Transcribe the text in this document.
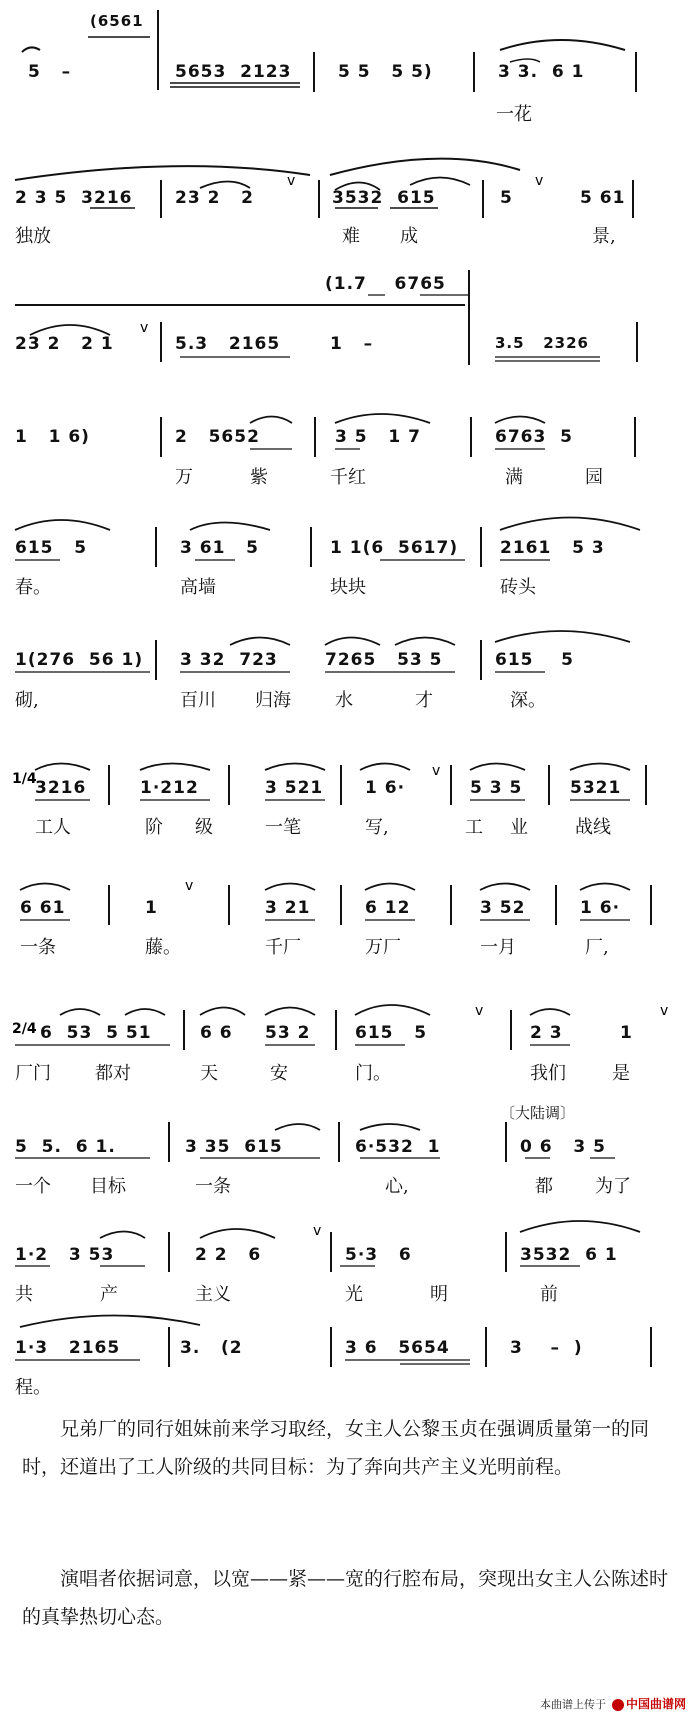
(6561
5   –	5653  2123	5 5   5 5)	3 3.  6 1
一花
v	v
2 3 5  3216	23 2   2	3532  615	5	5 61
独放	难 成	景,
v
(1.7    6765
23 2   2 1	5.3   2165	1   –	3.5   2326
1   1 6)	2   5652	3 5   1 7	6763  5
万	紫	千红	满	园
615   5	3 61   5	1 1(6  5617) 2161   5 3
春。	高墙	块块	砖头
1(276  56 1) 3 32  723	7265   53 5	615    5
砌,	百川 归海 水	才	深。
v
1/4
3216	1·212	3 521 1 6·	5 3 5	5321
工人	阶 级	一笔	写,	工 业	战线
v
6 61	1	3 21	6 12	3 52	1 6·
一条	藤。	千厂	万厂	一月	厂,
v	v
2/4 6  53  5 51	6 6 53 2	615   5	2 3	1
厂门 都对	天	安	门。	我们	是
〔大陆调〕
5  5.  6 1.	3 35  615	6·532  1	0 6   3 5
一个 目标	一条	心,	都 为了
v
1·2   3 53	2 2   6	5·3   6	3532  6 1
共	产	主义	光	明	前
1·3   2165	3.   (2	3 6   5654	3    –  )
程。

兄弟厂的同行姐妹前来学习取经，女主人公黎玉贞在强调质量第一的同时，还道出了工人阶级的共同目标：为了奔向共产主义光明前程。

演唱者依据词意，以宽——紧——宽的行腔布局，突现出女主人公陈述时的真挚热切心态。

本曲谱上传于	中国曲谱网
